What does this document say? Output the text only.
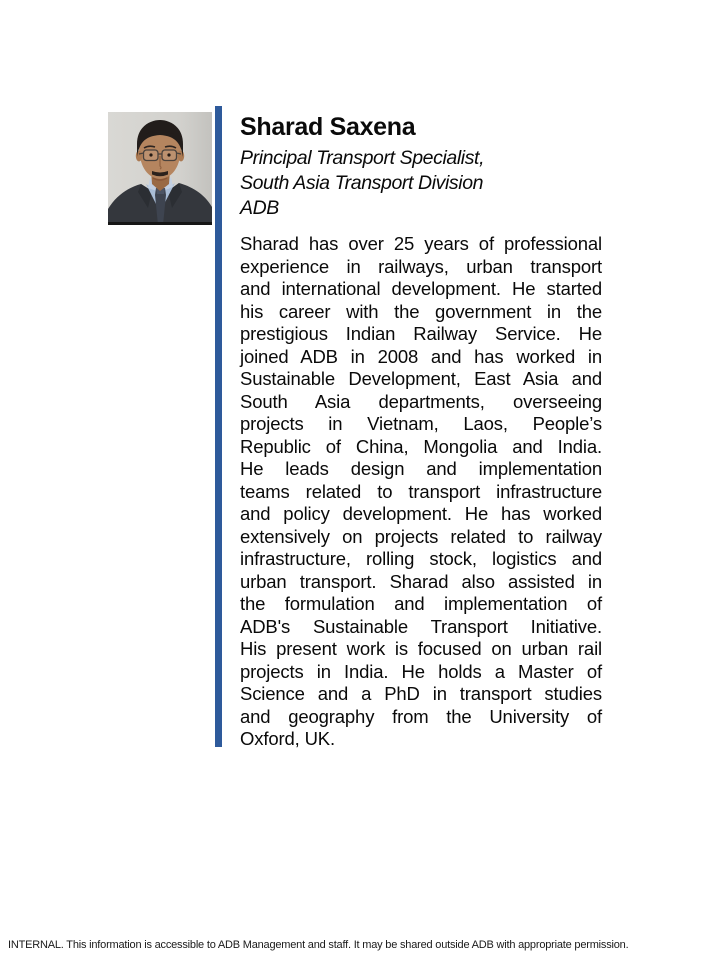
Sharad Saxena
Principal Transport Specialist,
South Asia Transport Division
ADB
Sharad has over 25 years of professional
experience in railways, urban transport
and international development. He started
his career with the government in the
prestigious Indian Railway Service. He
joined ADB in 2008 and has worked in
Sustainable Development, East Asia and
South Asia departments, overseeing
projects in Vietnam, Laos, People’s
Republic of China, Mongolia and India.
He leads design and implementation
teams related to transport infrastructure
and policy development. He has worked
extensively on projects related to railway
infrastructure, rolling stock, logistics and
urban transport. Sharad also assisted in
the formulation and implementation of
ADB's Sustainable Transport Initiative.
His present work is focused on urban rail
projects in India. He holds a Master of
Science and a PhD in transport studies
and geography from the University of
Oxford, UK.
INTERNAL. This information is accessible to ADB Management and staff. It may be shared outside ADB with appropriate permission.
